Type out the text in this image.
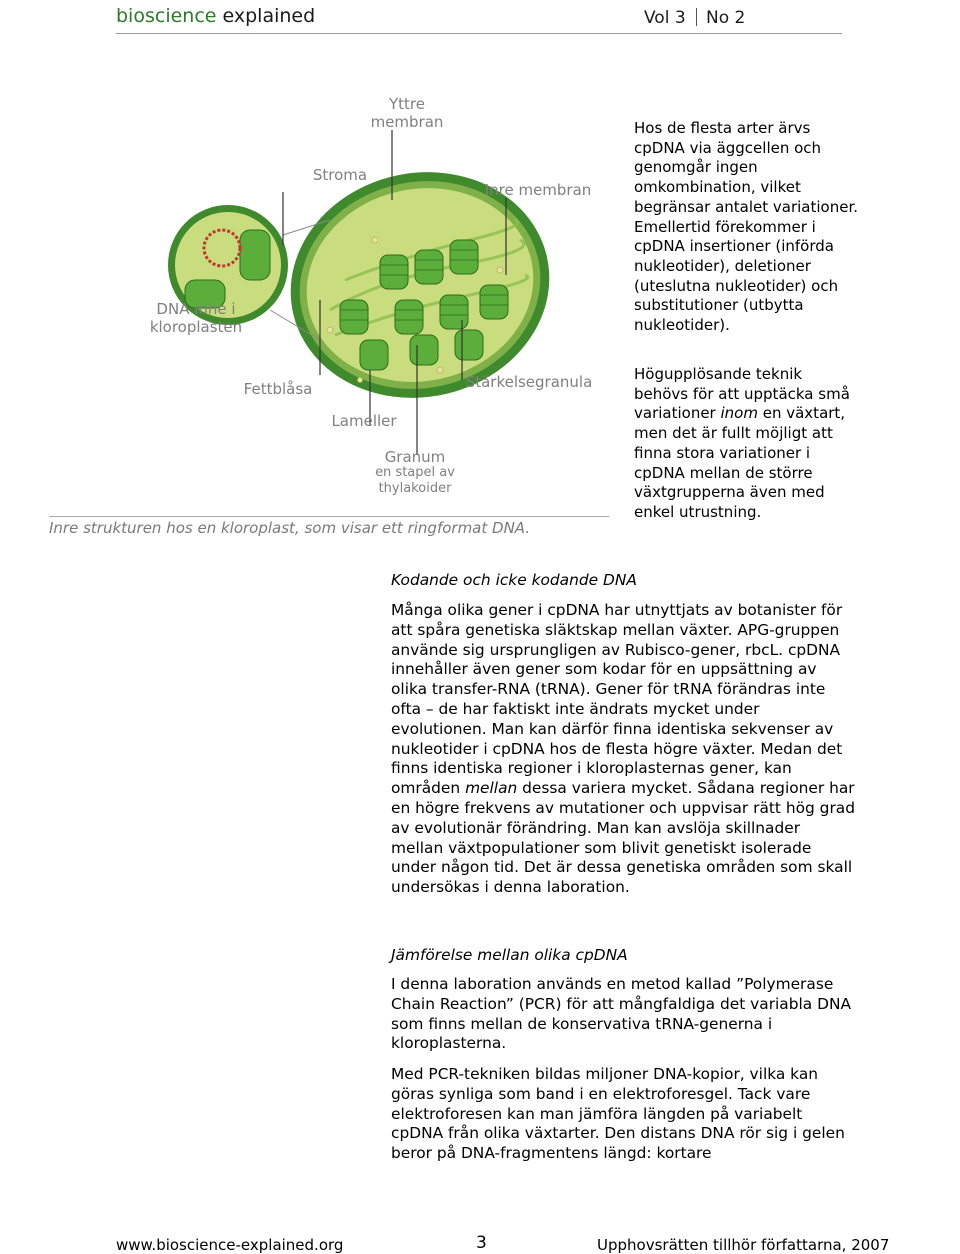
bioscience explained	Vol 3 No 2
Yttre membran
Stroma
Inre membran
DNA inne i kloroplasten
Fettblåsa	Stärkelsegranula
Lameller
Granum
en stapel av thylakoider
Inre strukturen hos en kloroplast, som visar ett ringformat DNA.
Hos de flesta arter ärvs cpDNA via äggcellen och genomgår ingen omkombination, vilket begränsar antalet variationer. Emellertid förekommer i cpDNA insertioner (införda nukleotider), deletioner (uteslutna nukleotider) och substitutioner (utbytta nukleotider).
Högupplösande teknik behövs för att upptäcka små variationer inom en växtart, men det är fullt möjligt att finna stora variationer i cpDNA mellan de större växtgrupperna även med enkel utrustning.
Kodande och icke kodande DNA
Många olika gener i cpDNA har utnyttjats av botanister för att spåra genetiska släktskap mellan växter. APG-gruppen använde sig ursprungligen av Rubisco-gener, rbcL. cpDNA innehåller även gener som kodar för en uppsättning av olika transfer-RNA (tRNA). Gener för tRNA förändras inte ofta – de har faktiskt inte ändrats mycket under evolutionen. Man kan därför finna identiska sekvenser av nukleotider i cpDNA hos de flesta högre växter. Medan det finns identiska regioner i kloroplasternas gener, kan områden mellan dessa variera mycket. Sådana regioner har en högre frekvens av mutationer och uppvisar rätt hög grad av evolutionär förändring. Man kan avslöja skillnader mellan växtpopulationer som blivit genetiskt isolerade under någon tid. Det är dessa genetiska områden som skall undersökas i denna laboration.
Jämförelse mellan olika cpDNA
I denna laboration används en metod kallad ”Polymerase Chain Reaction” (PCR) för att mångfaldiga det variabla DNA som finns mellan de konservativa tRNA-generna i kloroplasterna.
Med PCR-tekniken bildas miljoner DNA-kopior, vilka kan göras synliga som band i en elektroforesgel. Tack vare elektroforesen kan man jämföra längden på variabelt cpDNA från olika växtarter. Den distans DNA rör sig i gelen beror på DNA-fragmentens längd: kortare
www.bioscience-explained.org	3	Upphovsrätten tillhör författarna, 2007
